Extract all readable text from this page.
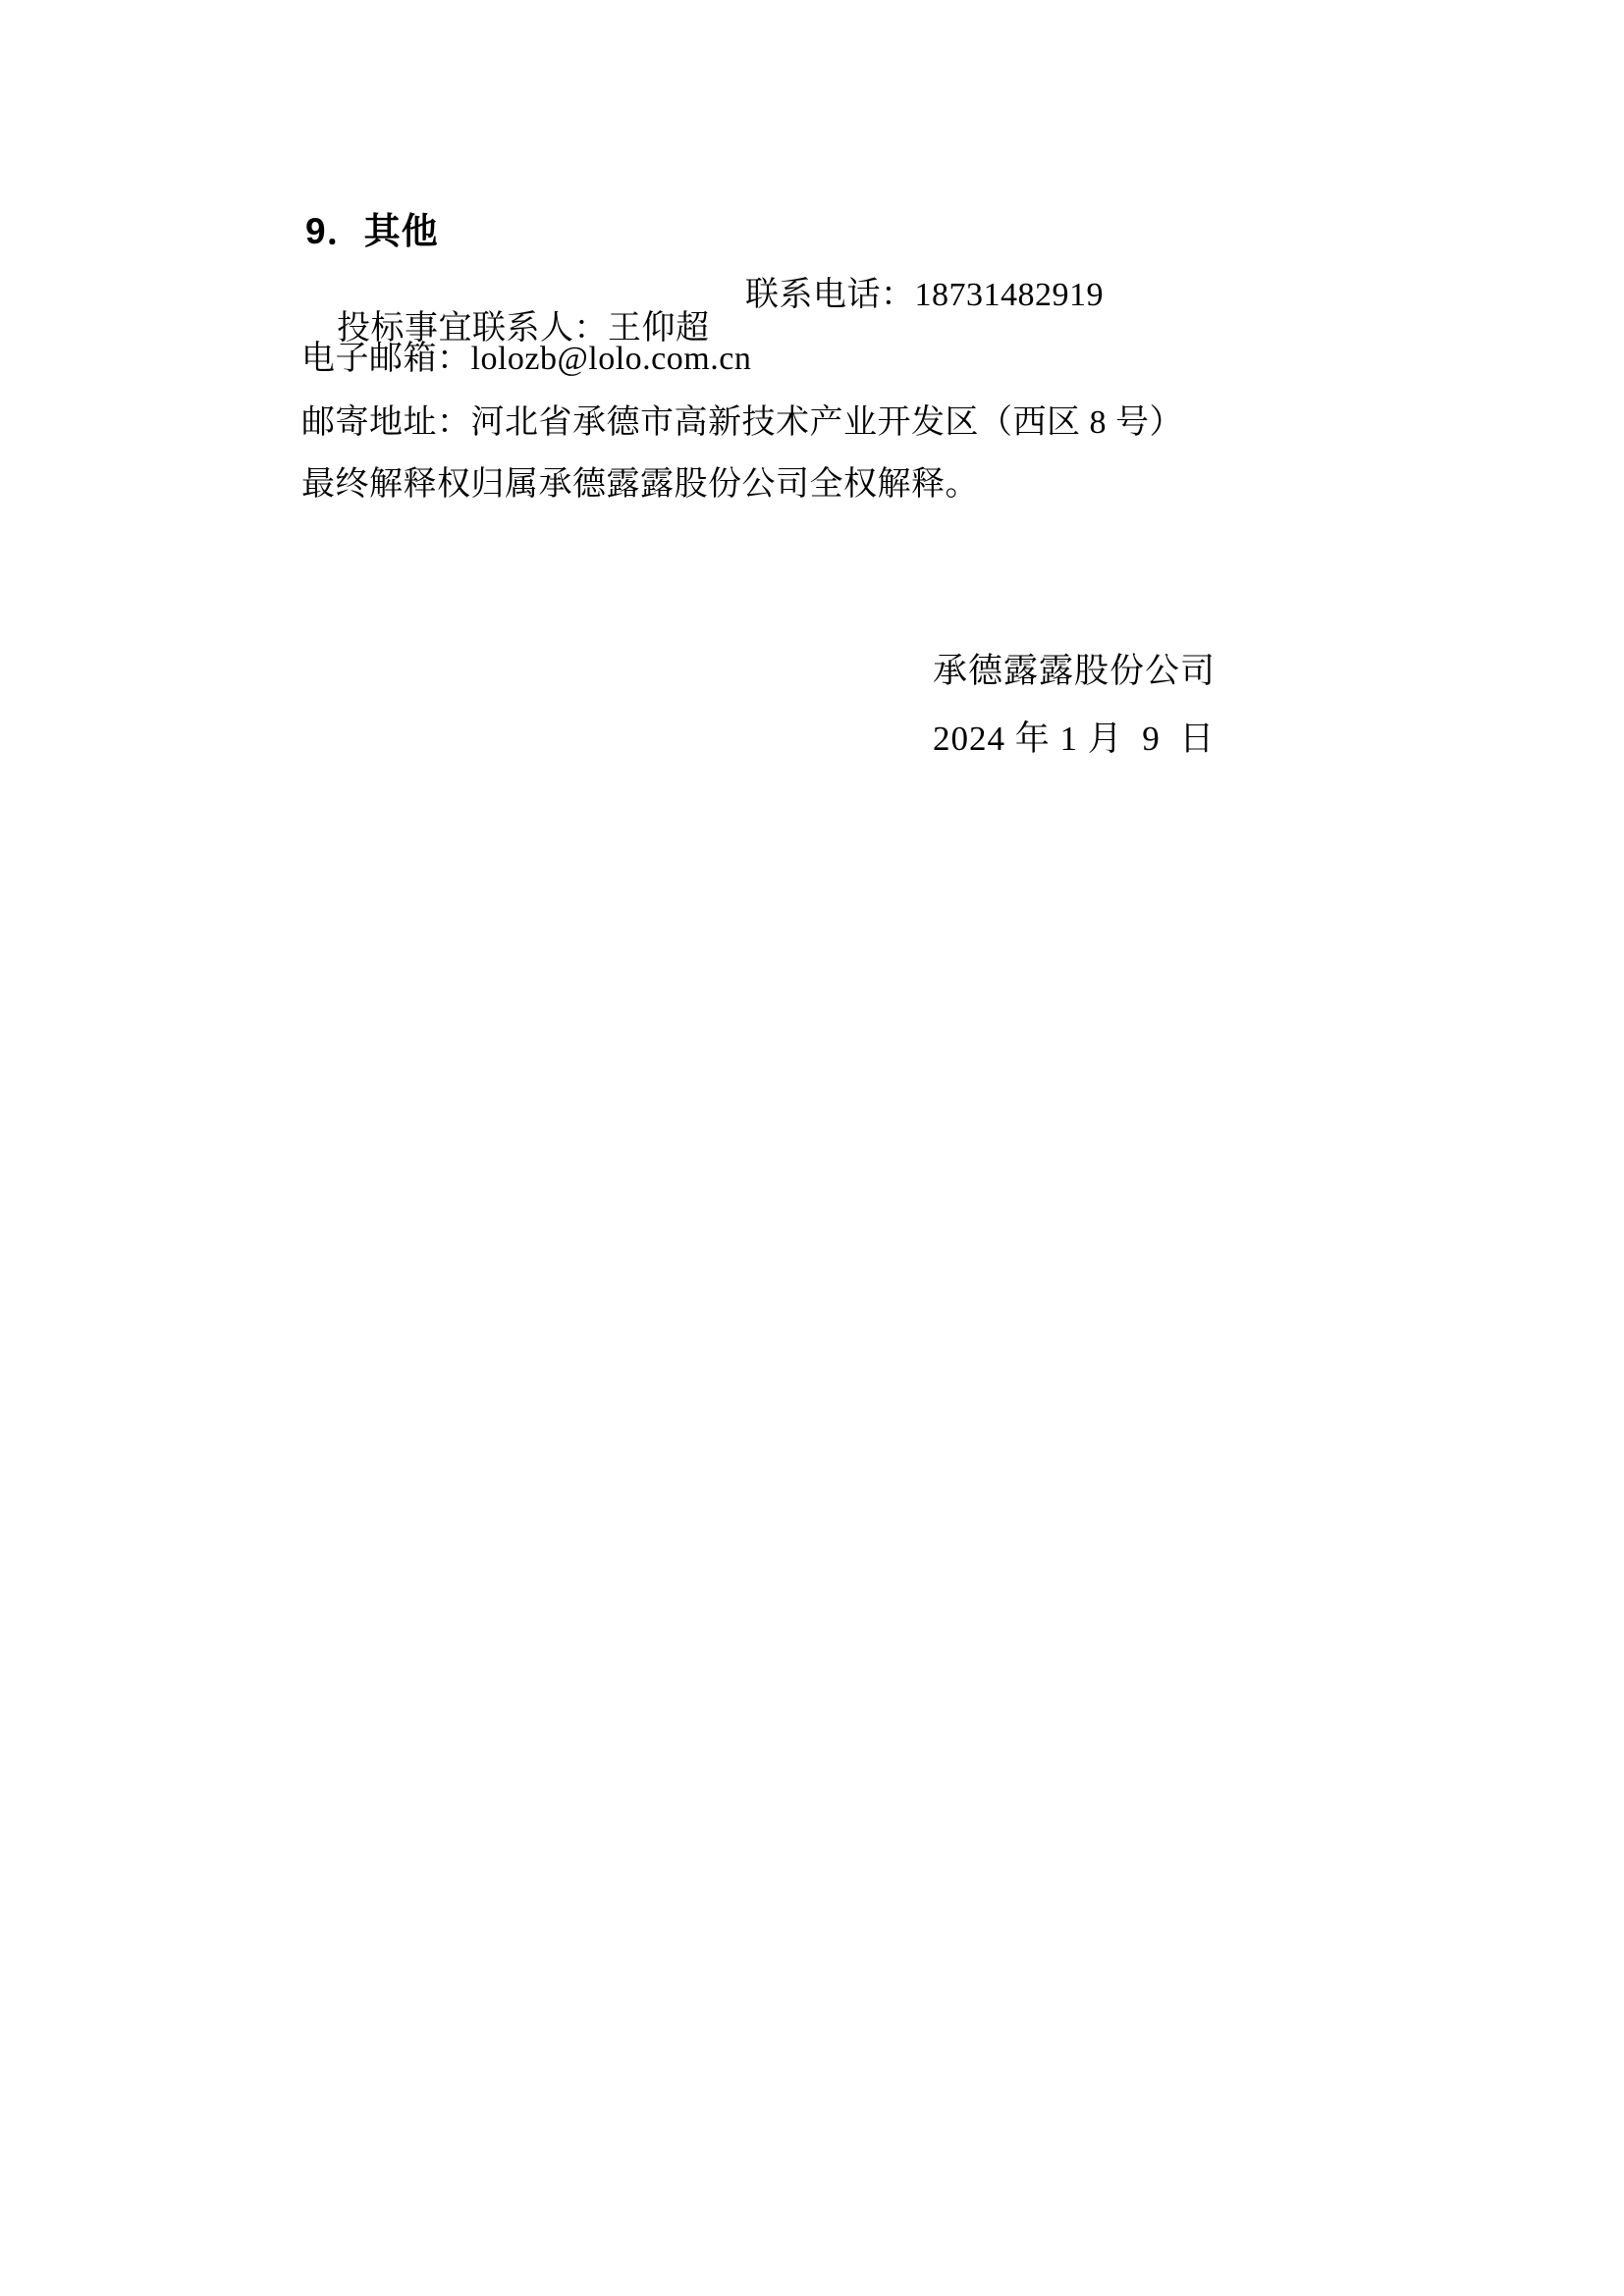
9．其他

投标事宜联系人：王仰超

联系电话：18731482919

电子邮箱：lolozb@lolo.com.cn
邮寄地址：河北省承德市高新技术产业开发区（西区 8 号）
最终解释权归属承德露露股份公司全权解释。
承德露露股份公司
2024 年 1 月  9  日
